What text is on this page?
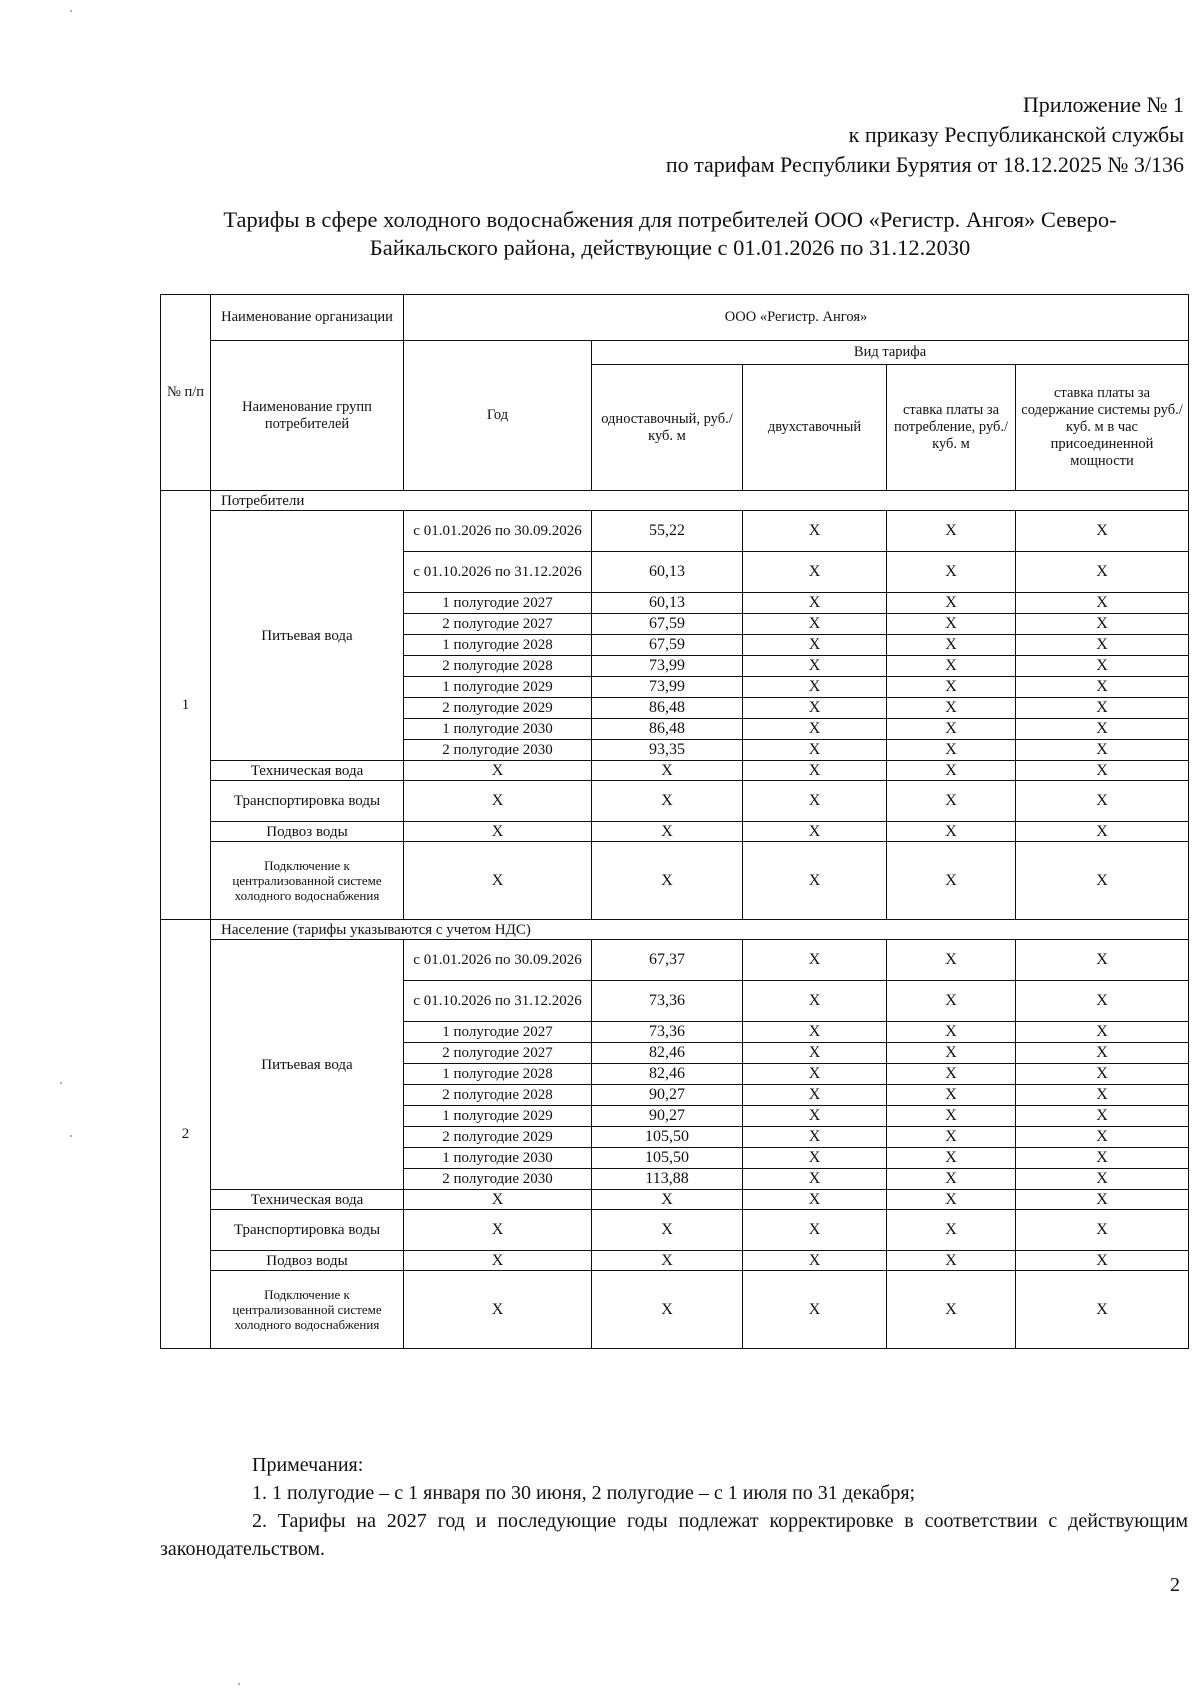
Приложение № 1
к приказу Республиканской службы
по тарифам Республики Бурятия от 18.12.2025 № 3/136
Тарифы в сфере холодного водоснабжения для потребителей ООО «Регистр. Ангоя» Северо-
Байкальского района, действующие с 01.01.2026 по 31.12.2030
№ п/п	Наименование организации	ООО «Регистр. Ангоя»				
	Наименование групп потребителей	Год	Вид тарифа			
			одноставочный, руб./ куб. м	двухставочный	ставка платы за потребление, руб./ куб. м	ставка платы за содержание системы руб./куб. м в час присоединенной мощности
1	Потребители					
	Питьевая вода	с 01.01.2026 по 30.09.2026	55,22	Х	Х	Х
		с 01.10.2026 по 31.12.2026	60,13	Х	Х	Х
		1 полугодие 2027	60,13	Х	Х	Х
		2 полугодие 2027	67,59	Х	Х	Х
		1 полугодие 2028	67,59	Х	Х	Х
		2 полугодие 2028	73,99	Х	Х	Х
		1 полугодие 2029	73,99	Х	Х	Х
		2 полугодие 2029	86,48	Х	Х	Х
		1 полугодие 2030	86,48	Х	Х	Х
		2 полугодие 2030	93,35	Х	Х	Х
	Техническая вода	Х	Х	Х	Х	Х
	Транспортировка воды	Х	Х	Х	Х	Х
	Подвоз воды	Х	Х	Х	Х	Х
	Подключение к централизованной системе холодного водоснабжения	Х	Х	Х	Х	Х
2	Население (тарифы указываются с учетом НДС)					
	Питьевая вода	с 01.01.2026 по 30.09.2026	67,37	Х	Х	Х
		с 01.10.2026 по 31.12.2026	73,36	Х	Х	Х
		1 полугодие 2027	73,36	Х	Х	Х
		2 полугодие 2027	82,46	Х	Х	Х
		1 полугодие 2028	82,46	Х	Х	Х
		2 полугодие 2028	90,27	Х	Х	Х
		1 полугодие 2029	90,27	Х	Х	Х
		2 полугодие 2029	105,50	Х	Х	Х
		1 полугодие 2030	105,50	Х	Х	Х
		2 полугодие 2030	113,88	Х	Х	Х
	Техническая вода	Х	Х	Х	Х	Х
	Транспортировка воды	Х	Х	Х	Х	Х
	Подвоз воды	Х	Х	Х	Х	Х
	Подключение к централизованной системе холодного водоснабжения	Х	Х	Х	Х	Х
Примечания:
1. 1 полугодие – с 1 января по 30 июня, 2 полугодие – с 1 июля по 31 декабря;
2. Тарифы на 2027 год и последующие годы подлежат корректировке в соответствии с действующим законодательством.
2
